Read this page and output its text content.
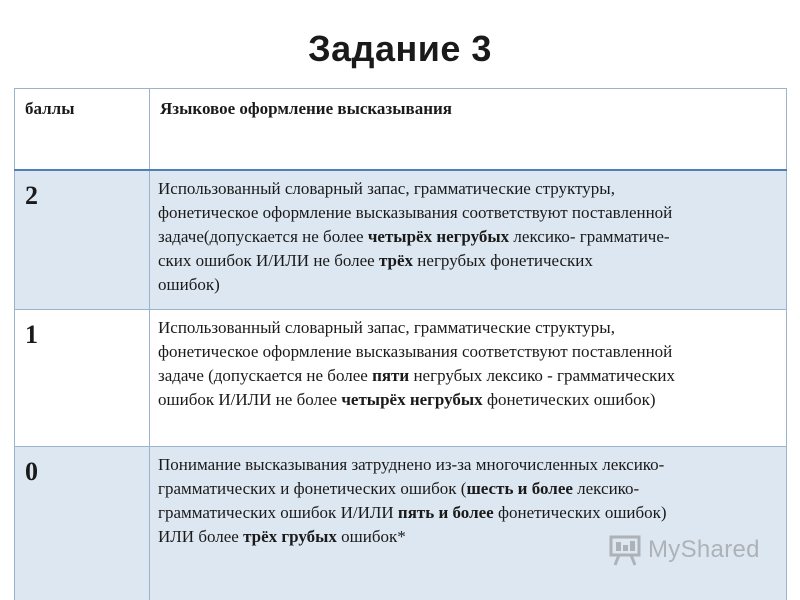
Задание 3
баллы	Языковое оформление высказывания
2	Использованный словарный запас, грамматические структуры,
фонетическое оформление высказывания соответствуют поставленной
задаче(допускается не более четырёх негрубых лексико- грамматиче-
ских ошибок И/ИЛИ не более трёх негрубых фонетических
ошибок)
1	Использованный словарный запас, грамматические структуры,
фонетическое оформление высказывания соответствуют поставленной
задаче (допускается не более пяти негрубых лексико - грамматических
ошибок И/ИЛИ не более четырёх негрубых фонетических ошибок)
0	Понимание высказывания затруднено из-за многочисленных лексико-
грамматических и фонетических ошибок (шесть и более лексико-
грамматических ошибок И/ИЛИ пять и более фонетических ошибок)
ИЛИ более трёх грубых ошибок*	MyShared
